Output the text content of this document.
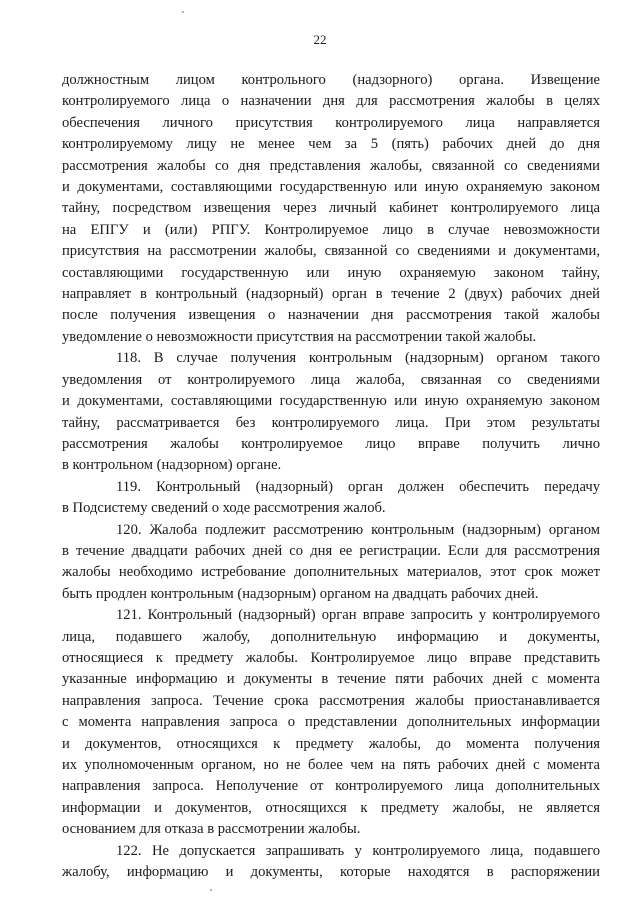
22

должностным лицом контрольного (надзорного) органа. Извещение
контролируемого лица о назначении дня для рассмотрения жалобы в целях
обеспечения личного присутствия контролируемого лица направляется
контролируемому лицу не менее чем за 5 (пять) рабочих дней до дня
рассмотрения жалобы со дня представления жалобы, связанной со сведениями
и документами, составляющими государственную или иную охраняемую законом
тайну, посредством извещения через личный кабинет контролируемого лица
на ЕПГУ и (или) РПГУ. Контролируемое лицо в случае невозможности
присутствия на рассмотрении жалобы, связанной со сведениями и документами,
составляющими государственную или иную охраняемую законом тайну,
направляет в контрольный (надзорный) орган в течение 2 (двух) рабочих дней
после получения извещения о назначении дня рассмотрения такой жалобы
уведомление о невозможности присутствия на рассмотрении такой жалобы.

118. В случае получения контрольным (надзорным) органом такого
уведомления от контролируемого лица жалоба, связанная со сведениями
и документами, составляющими государственную или иную охраняемую законом
тайну, рассматривается без контролируемого лица. При этом результаты
рассмотрения жалобы контролируемое лицо вправе получить лично
в контрольном (надзорном) органе.

119. Контрольный (надзорный) орган должен обеспечить передачу
в Подсистему сведений о ходе рассмотрения жалоб.

120. Жалоба подлежит рассмотрению контрольным (надзорным) органом
в течение двадцати рабочих дней со дня ее регистрации. Если для рассмотрения
жалобы необходимо истребование дополнительных материалов, этот срок может
быть продлен контрольным (надзорным) органом на двадцать рабочих дней.

121. Контрольный (надзорный) орган вправе запросить у контролируемого
лица, подавшего жалобу, дополнительную информацию и документы,
относящиеся к предмету жалобы. Контролируемое лицо вправе представить
указанные информацию и документы в течение пяти рабочих дней с момента
направления запроса. Течение срока рассмотрения жалобы приостанавливается
с момента направления запроса о представлении дополнительных информации
и документов, относящихся к предмету жалобы, до момента получения
их уполномоченным органом, но не более чем на пять рабочих дней с момента
направления запроса. Неполучение от контролируемого лица дополнительных
информации и документов, относящихся к предмету жалобы, не является
основанием для отказа в рассмотрении жалобы.

122. Не допускается запрашивать у контролируемого лица, подавшего
жалобу, информацию и документы, которые находятся в распоряжении
